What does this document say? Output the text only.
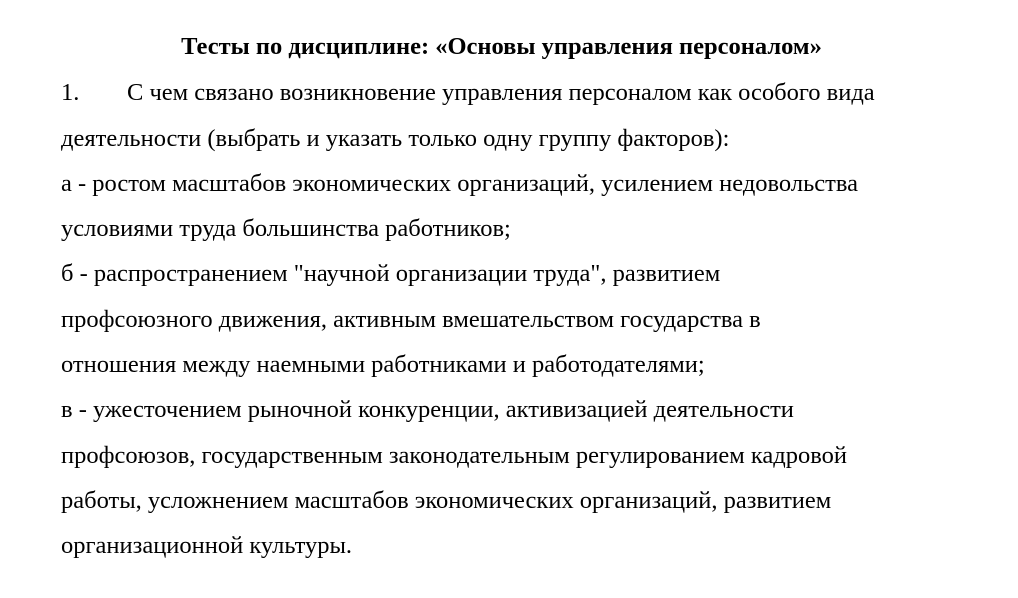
Тесты по дисциплине: «Основы управления персоналом»
1. С чем связано возникновение управления персоналом как особого вида
деятельности (выбрать и указать только одну группу факторов):
а - ростом масштабов экономических организаций, усилением недовольства
условиями труда большинства работников;
б - распространением "научной организации труда", развитием
профсоюзного движения, активным вмешательством государства в
отношения между наемными работниками и работодателями;
в - ужесточением рыночной конкуренции, активизацией деятельности
профсоюзов, государственным законодательным регулированием кадровой
работы, усложнением масштабов экономических организаций, развитием
организационной культуры.
